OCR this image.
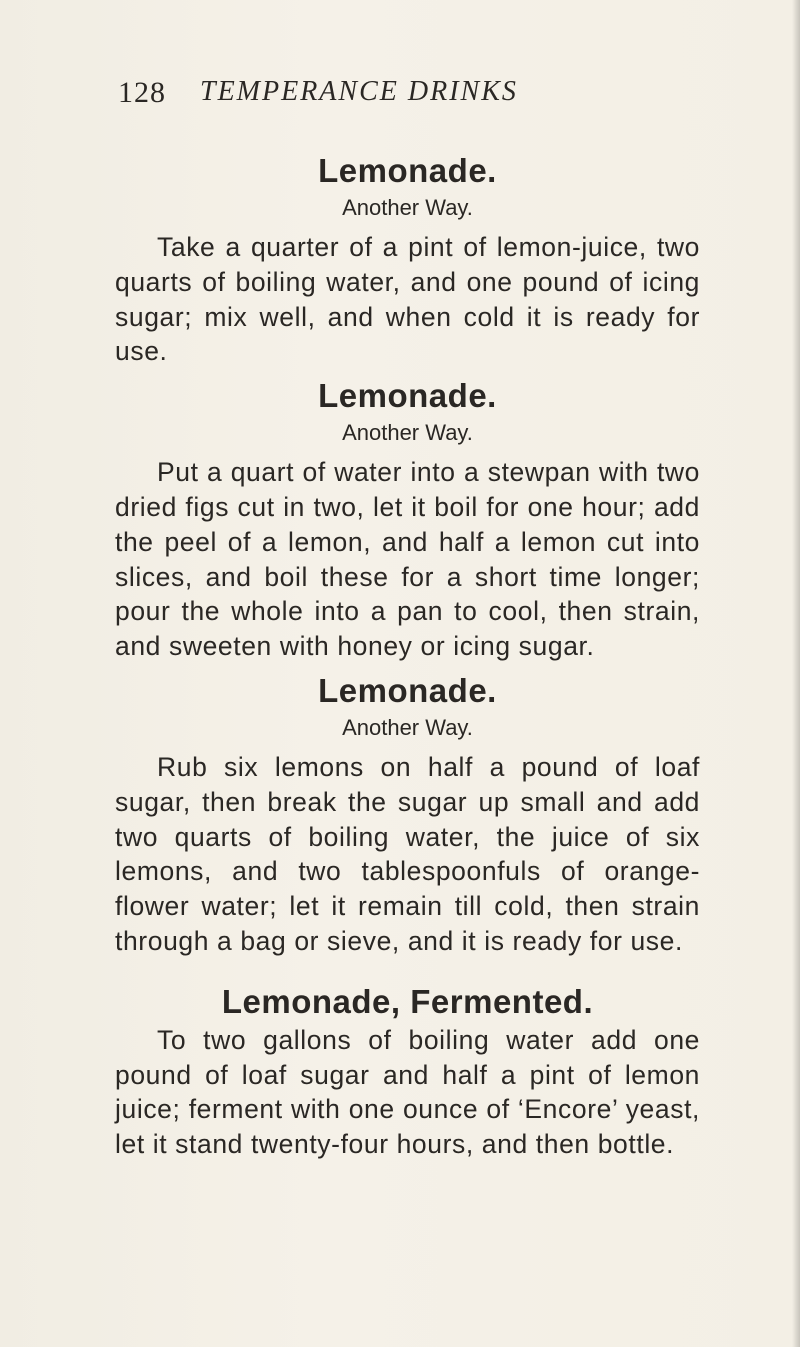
128 TEMPERANCE DRINKS
Lemonade.

Another Way.

Take a quarter of a pint of lemon-juice, two quarts of boiling water, and one pound of icing sugar; mix well, and when cold it is ready for use.

Lemonade.

Another Way.

Put a quart of water into a stewpan with two dried figs cut in two, let it boil for one hour; add the peel of a lemon, and half a lemon cut into slices, and boil these for a short time longer; pour the whole into a pan to cool, then strain, and sweeten with honey or icing sugar.

Lemonade.

Another Way.

Rub six lemons on half a pound of loaf sugar, then break the sugar up small and add two quarts of boiling water, the juice of six lemons, and two tablespoonfuls of orange-flower water; let it remain till cold, then strain through a bag or sieve, and it is ready for use.

Lemonade, Fermented.

To two gallons of boiling water add one pound of loaf sugar and half a pint of lemon juice; ferment with one ounce of ‘Encore’ yeast, let it stand twenty-four hours, and then bottle.
